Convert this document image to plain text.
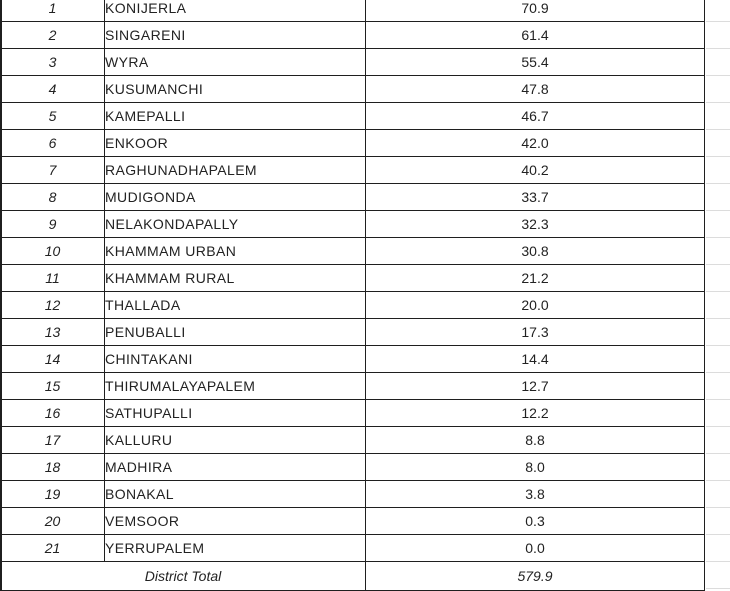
1	KONIJERLA	70.9
2	SINGARENI	61.4
3	WYRA	55.4
4	KUSUMANCHI	47.8
5	KAMEPALLI	46.7
6	ENKOOR	42.0
7	RAGHUNADHAPALEM	40.2
8	MUDIGONDA	33.7
9	NELAKONDAPALLY	32.3
10	KHAMMAM URBAN	30.8
11	KHAMMAM RURAL	21.2
12	THALLADA	20.0
13	PENUBALLI	17.3
14	CHINTAKANI	14.4
15	THIRUMALAYAPALEM	12.7
16	SATHUPALLI	12.2
17	KALLURU	8.8
18	MADHIRA	8.0
19	BONAKAL	3.8
20	VEMSOOR	0.3
21	YERRUPALEM	0.0
District Total		579.9
